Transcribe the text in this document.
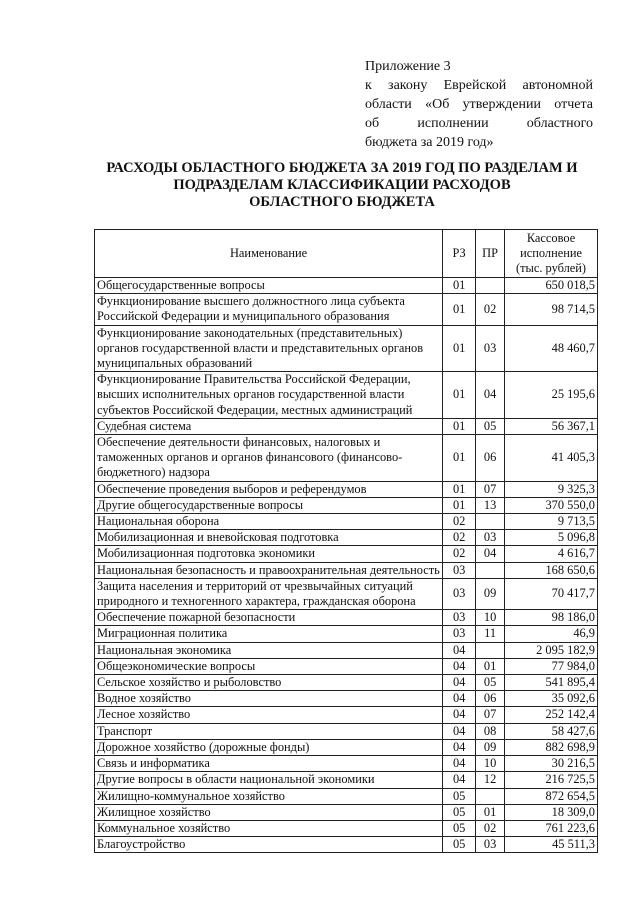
Приложение 3
к закону Еврейской автономной
области «Об утверждении отчета
об исполнении областного
бюджета за 2019 год»
РАСХОДЫ ОБЛАСТНОГО БЮДЖЕТА ЗА 2019 ГОД ПО РАЗДЕЛАМ И
ПОДРАЗДЕЛАМ КЛАССИФИКАЦИИ РАСХОДОВ
ОБЛАСТНОГО БЮДЖЕТА
Наименование	РЗ	ПР	Кассовое
исполнение
(тыс. рублей)

Общегосударственные вопросы	01		650 018,5
Функционирование высшего должностного лица субъекта Российской Федерации и муниципального образования	01	02	98 714,5
Функционирование законодательных (представительных) органов государственной власти и представительных органов муниципальных образований	01	03	48 460,7
Функционирование Правительства Российской Федерации, высших исполнительных органов государственной власти субъектов Российской Федерации, местных администраций	01	04	25 195,6
Судебная система	01	05	56 367,1
Обеспечение деятельности финансовых, налоговых и таможенных органов и органов финансового (финансово-бюджетного) надзора	01	06	41 405,3
Обеспечение проведения выборов и референдумов	01	07	9 325,3
Другие общегосударственные вопросы	01	13	370 550,0
Национальная оборона	02		9 713,5
Мобилизационная и вневойсковая подготовка	02	03	5 096,8
Мобилизационная подготовка экономики	02	04	4 616,7
Национальная безопасность и правоохранительная деятельность	03		168 650,6
Защита населения и территорий от чрезвычайных ситуаций природного и техногенного характера, гражданская оборона	03	09	70 417,7
Обеспечение пожарной безопасности	03	10	98 186,0
Миграционная политика	03	11	46,9
Национальная экономика	04		2 095 182,9
Общеэкономические вопросы	04	01	77 984,0
Сельское хозяйство и рыболовство	04	05	541 895,4
Водное хозяйство	04	06	35 092,6
Лесное хозяйство	04	07	252 142,4
Транспорт	04	08	58 427,6
Дорожное хозяйство (дорожные фонды)	04	09	882 698,9
Связь и информатика	04	10	30 216,5
Другие вопросы в области национальной экономики	04	12	216 725,5
Жилищно-коммунальное хозяйство	05		872 654,5
Жилищное хозяйство	05	01	18 309,0
Коммунальное хозяйство	05	02	761 223,6
Благоустройство	05	03	45 511,3
